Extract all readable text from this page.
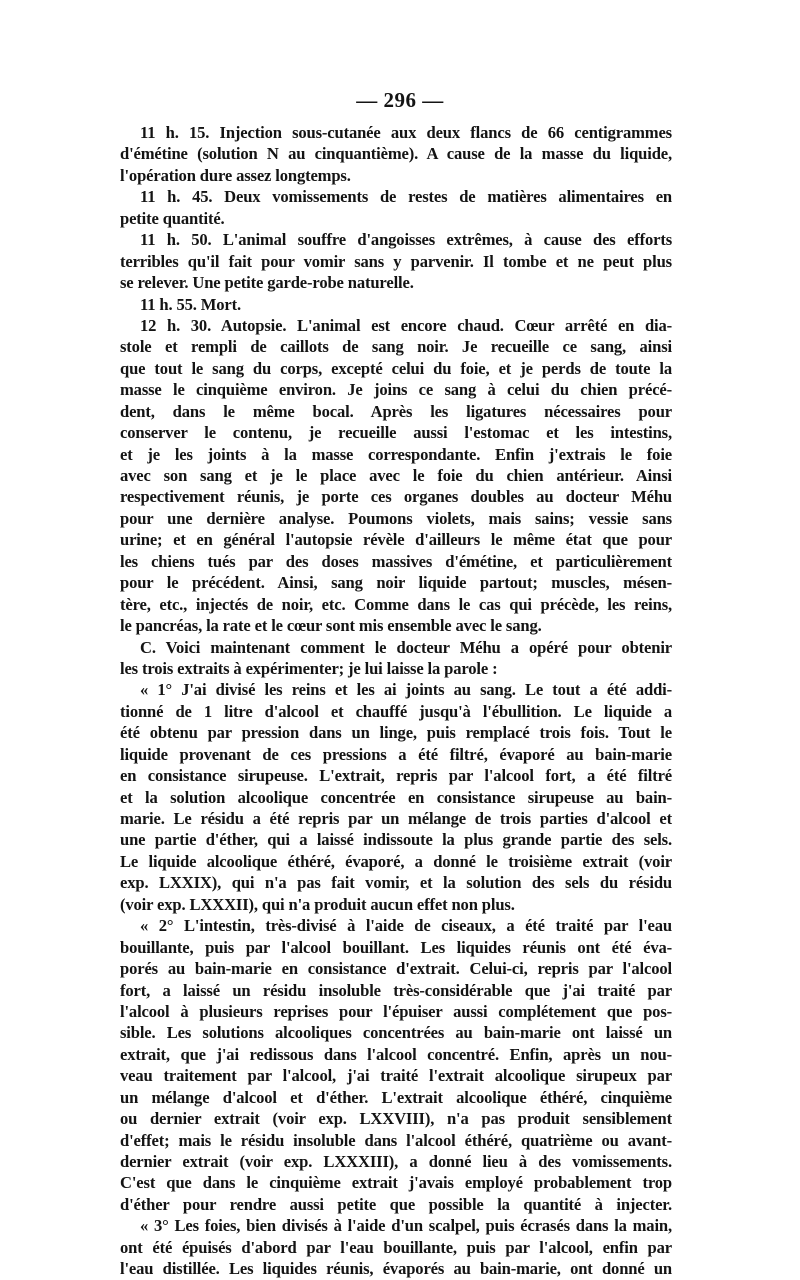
— 296 —
11 h. 15. Injection sous-cutanée aux deux flancs de 66 centigrammes
d'émétine (solution N au cinquantième). A cause de la masse du liquide,
l'opération dure assez longtemps.
11 h. 45. Deux vomissements de restes de matières alimentaires en
petite quantité.
11 h. 50. L'animal souffre d'angoisses extrêmes, à cause des efforts
terribles qu'il fait pour vomir sans y parvenir. Il tombe et ne peut plus
se relever. Une petite garde-robe naturelle.
11 h. 55. Mort.
12 h. 30. Autopsie. L'animal est encore chaud. Cœur arrêté en dia-
stole et rempli de caillots de sang noir. Je recueille ce sang, ainsi
que tout le sang du corps, excepté celui du foie, et je perds de toute la
masse le cinquième environ. Je joins ce sang à celui du chien précé-
dent, dans le même bocal. Après les ligatures nécessaires pour
conserver le contenu, je recueille aussi l'estomac et les intestins,
et je les joints à la masse correspondante. Enfin j'extrais le foie
avec son sang et je le place avec le foie du chien antérieur. Ainsi
respectivement réunis, je porte ces organes doubles au docteur Méhu
pour une dernière analyse. Poumons violets, mais sains; vessie sans
urine; et en général l'autopsie révèle d'ailleurs le même état que pour
les chiens tués par des doses massives d'émétine, et particulièrement
pour le précédent. Ainsi, sang noir liquide partout; muscles, mésen-
tère, etc., injectés de noir, etc. Comme dans le cas qui précède, les reins,
le pancréas, la rate et le cœur sont mis ensemble avec le sang.
C. Voici maintenant comment le docteur Méhu a opéré pour obtenir
les trois extraits à expérimenter; je lui laisse la parole :
« 1° J'ai divisé les reins et les ai joints au sang. Le tout a été addi-
tionné de 1 litre d'alcool et chauffé jusqu'à l'ébullition. Le liquide a
été obtenu par pression dans un linge, puis remplacé trois fois. Tout le
liquide provenant de ces pressions a été filtré, évaporé au bain-marie
en consistance sirupeuse. L'extrait, repris par l'alcool fort, a été filtré
et la solution alcoolique concentrée en consistance sirupeuse au bain-
marie. Le résidu a été repris par un mélange de trois parties d'alcool et
une partie d'éther, qui a laissé indissoute la plus grande partie des sels.
Le liquide alcoolique éthéré, évaporé, a donné le troisième extrait (voir
exp. LXXIX), qui n'a pas fait vomir, et la solution des sels du résidu
(voir exp. LXXXII), qui n'a produit aucun effet non plus.
« 2° L'intestin, très-divisé à l'aide de ciseaux, a été traité par l'eau
bouillante, puis par l'alcool bouillant. Les liquides réunis ont été éva-
porés au bain-marie en consistance d'extrait. Celui-ci, repris par l'alcool
fort, a laissé un résidu insoluble très-considérable que j'ai traité par
l'alcool à plusieurs reprises pour l'épuiser aussi complétement que pos-
sible. Les solutions alcooliques concentrées au bain-marie ont laissé un
extrait, que j'ai redissous dans l'alcool concentré. Enfin, après un nou-
veau traitement par l'alcool, j'ai traité l'extrait alcoolique sirupeux par
un mélange d'alcool et d'éther. L'extrait alcoolique éthéré, cinquième
ou dernier extrait (voir exp. LXXVIII), n'a pas produit sensiblement
d'effet; mais le résidu insoluble dans l'alcool éthéré, quatrième ou avant-
dernier extrait (voir exp. LXXXIII), a donné lieu à des vomissements.
C'est que dans le cinquième extrait j'avais employé probablement trop
d'éther pour rendre aussi petite que possible la quantité à injecter.
« 3° Les foies, bien divisés à l'aide d'un scalpel, puis écrasés dans la main,
ont été épuisés d'abord par l'eau bouillante, puis par l'alcool, enfin par
l'eau distillée. Les liquides réunis, évaporés au bain-marie, ont donné un
